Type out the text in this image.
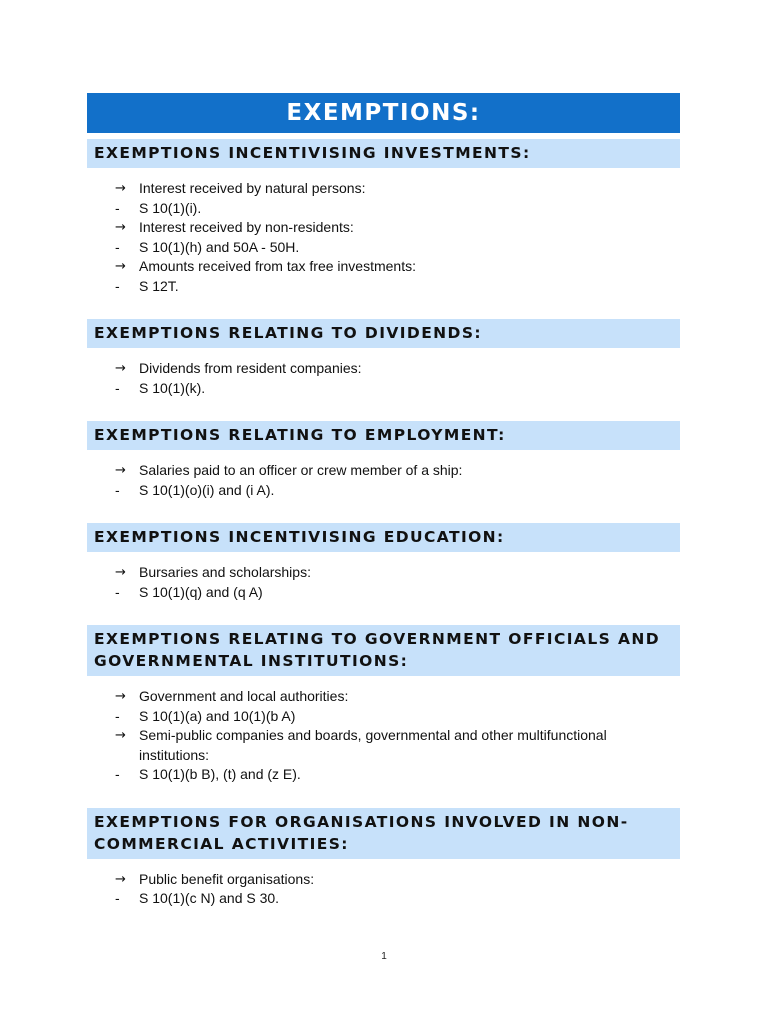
EXEMPTIONS:
EXEMPTIONS INCENTIVISING INVESTMENTS:
→ Interest received by natural persons:
-	S 10(1)(i).
→ Interest received by non-residents:
-	S 10(1)(h) and 50A - 50H.
→ Amounts received from tax free investments:
-	S 12T.
EXEMPTIONS RELATING TO DIVIDENDS:
→ Dividends from resident companies:
-	S 10(1)(k).
EXEMPTIONS RELATING TO EMPLOYMENT:
→ Salaries paid to an officer or crew member of a ship:
-	S 10(1)(o)(i) and (i A).
EXEMPTIONS INCENTIVISING EDUCATION:
→ Bursaries and scholarships:
-	S 10(1)(q) and (q A)
EXEMPTIONS RELATING TO GOVERNMENT OFFICIALS AND GOVERNMENTAL INSTITUTIONS:
→ Government and local authorities:
-	S 10(1)(a) and 10(1)(b A)
→ Semi-public companies and boards, governmental and other multifunctional institutions:
-	S 10(1)(b B), (t) and (z E).
EXEMPTIONS FOR ORGANISATIONS INVOLVED IN NON-COMMERCIAL ACTIVITIES:
→ Public benefit organisations:
-	S 10(1)(c N) and S 30.
1
